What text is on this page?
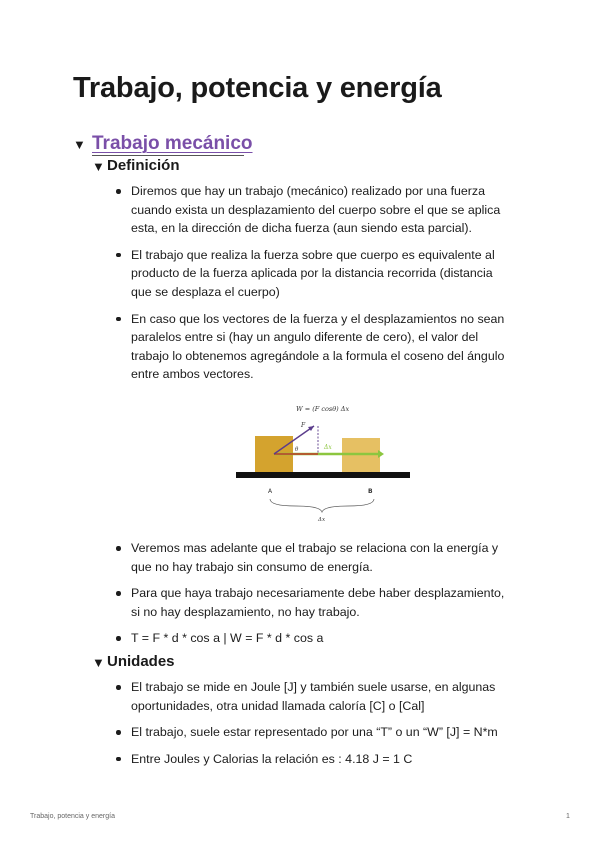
Trabajo, potencia y energía
▼ Trabajo mecánico
▼ Definición
Diremos que hay un trabajo (mecánico) realizado por una fuerza cuando exista un desplazamiento del cuerpo sobre el que se aplica esta, en la dirección de dicha fuerza (aun siendo esta parcial).
El trabajo que realiza la fuerza sobre que cuerpo es equivalente al producto de la fuerza aplicada por la distancia recorrida (distancia que se desplaza el cuerpo)
En caso que los vectores de la fuerza y el desplazamientos no sean paralelos entre si (hay un angulo diferente de cero), el valor del trabajo lo obtenemos agregándole a la formula el coseno del ángulo entre ambos vectores.
W = (F cosθ) Δx
F
θ	Δx
A	B
Δx
Veremos mas adelante que el trabajo se relaciona con la energía y que no hay trabajo sin consumo de energía.
Para que haya trabajo necesariamente debe haber desplazamiento, si no hay desplazamiento, no hay trabajo.
T = F * d * cos a | W = F * d * cos a
▼ Unidades
El trabajo se mide en Joule [J] y también suele usarse, en algunas oportunidades, otra unidad llamada caloría [C] o [Cal]
El trabajo, suele estar representado por una “T” o un “W” [J] = N*m
Entre Joules y Calorias la relación es : 4.18 J = 1 C
Trabajo, potencia y energía	1
